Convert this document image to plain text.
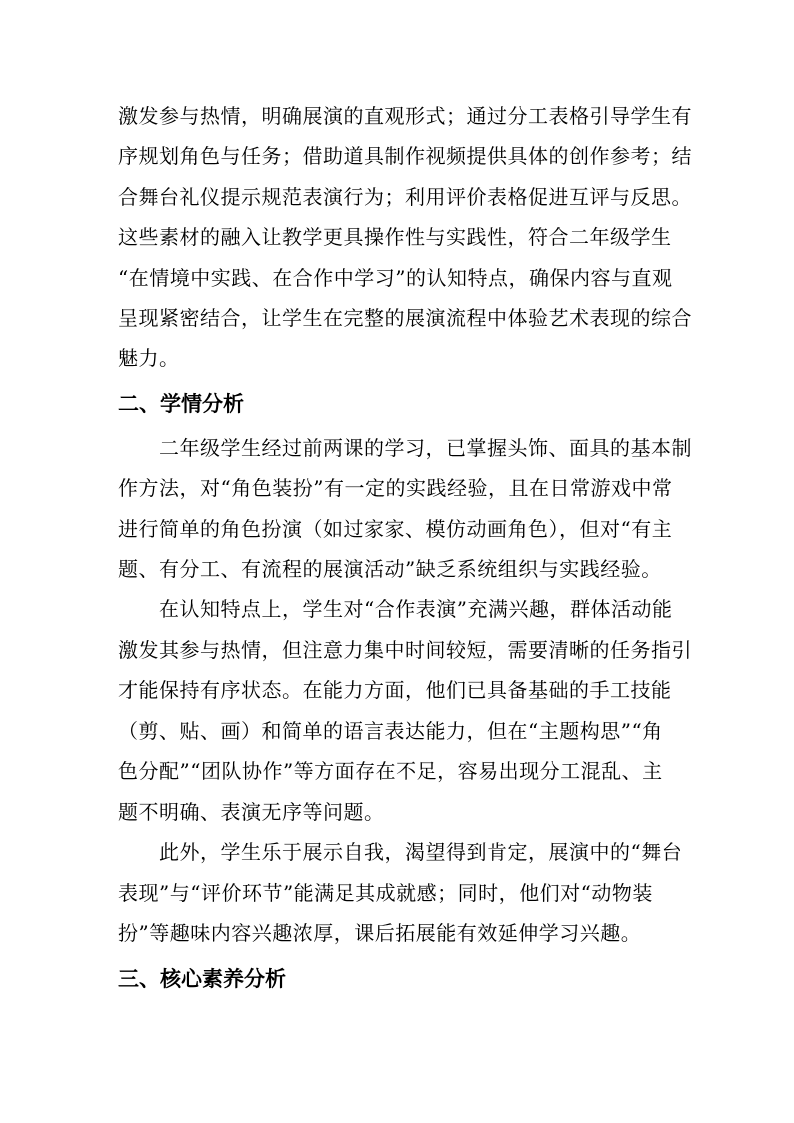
激发参与热情，明确展演的直观形式；通过分工表格引导学生有
序规划角色与任务；借助道具制作视频提供具体的创作参考；结
合舞台礼仪提示规范表演行为；利用评价表格促进互评与反思。
这些素材的融入让教学更具操作性与实践性，符合二年级学生
“在情境中实践、在合作中学习”的认知特点，确保内容与直观
呈现紧密结合，让学生在完整的展演流程中体验艺术表现的综合
魅力。
二、学情分析
二年级学生经过前两课的学习，已掌握头饰、面具的基本制
作方法，对“角色装扮”有一定的实践经验，且在日常游戏中常
进行简单的角色扮演（如过家家、模仿动画角色），但对“有主
题、有分工、有流程的展演活动”缺乏系统组织与实践经验。
在认知特点上，学生对“合作表演”充满兴趣，群体活动能
激发其参与热情，但注意力集中时间较短，需要清晰的任务指引
才能保持有序状态。在能力方面，他们已具备基础的手工技能
（剪、贴、画）和简单的语言表达能力，但在“主题构思”“角
色分配”“团队协作”等方面存在不足，容易出现分工混乱、主
题不明确、表演无序等问题。
此外，学生乐于展示自我，渴望得到肯定，展演中的“舞台
表现”与“评价环节”能满足其成就感；同时，他们对“动物装
扮”等趣味内容兴趣浓厚，课后拓展能有效延伸学习兴趣。
三、核心素养分析
